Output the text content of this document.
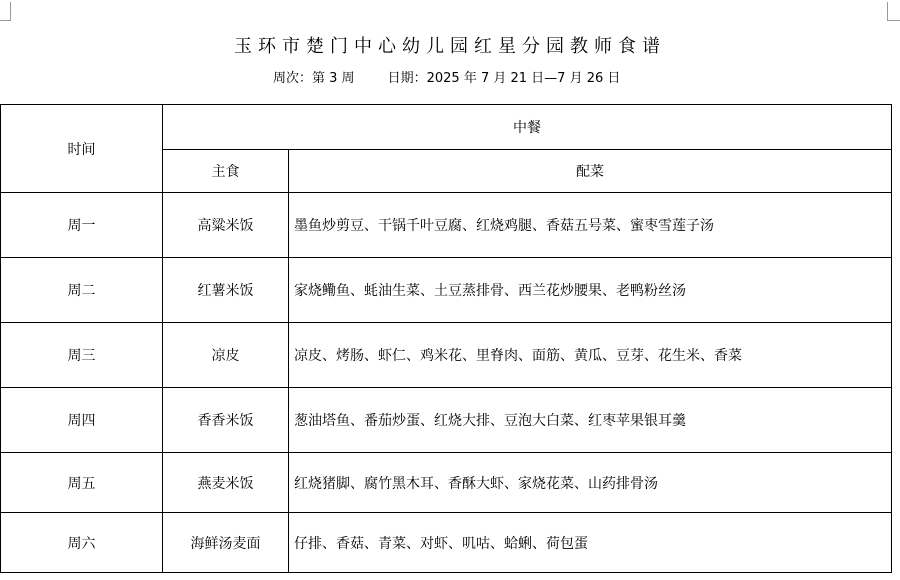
玉环市楚门中心幼儿园红星分园教师食谱
周次：第 3 周	日期：2025 年 7 月 21 日—7 月 26 日
时间	中餐	
	主食	配菜
周一	高粱米饭	墨鱼炒剪豆、干锅千叶豆腐、红烧鸡腿、香菇五号菜、蜜枣雪莲子汤
周二	红薯米饭	家烧鳓鱼、蚝油生菜、土豆蒸排骨、西兰花炒腰果、老鸭粉丝汤
周三	凉皮	凉皮、烤肠、虾仁、鸡米花、里脊肉、面筋、黄瓜、豆芽、花生米、香菜
周四	香香米饭	葱油塔鱼、番茄炒蛋、红烧大排、豆泡大白菜、红枣苹果银耳羹
周五	燕麦米饭	红烧猪脚、腐竹黑木耳、香酥大虾、家烧花菜、山药排骨汤
周六	海鲜汤麦面	仔排、香菇、青菜、对虾、叽咕、蛤蜊、荷包蛋
